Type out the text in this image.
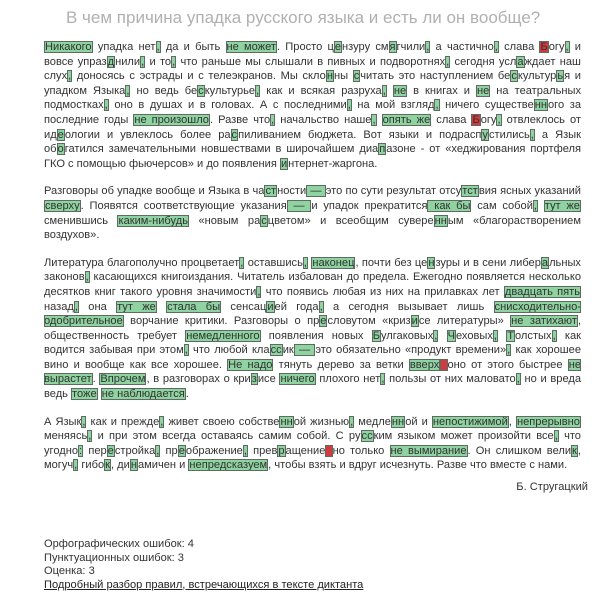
В чем причина упадка русского языка и есть ли он вообще?

Никакого упадка нет, да и быть не может. Просто цензуру смягчили, а частично, слава Богу, и вовсе упразднили, и то, что раньше мы слышали в пивных и подворотнях, сегодня услаждает наш слух, доносясь с эстрады и с телеэкранов. Мы склонны считать это наступлением бескультурья и упадком Языка, но ведь бескультурье, как и всякая разруха, не в книгах и не на театральных подмостках, оно в душах и в головах. А с последними, на мой взгляд, ничего существенного за последние годы не произошло. Разве что, начальство наше, опять же слава Богу, отвлеклось от идеологии и увлеклось более распиливанием бюджета. Вот языки и подраспустились, а Язык обогатился замечательными новшествами в широчайшем диапазоне - от «хеджирования портфеля ГКО с помощью фьючерсов» и до появления интернет-жаргона.

Разговоры об упадке вообще и Языка в частности — это по сути результат отсутствия ясных указаний сверху. Появятся соответствующие указания — и упадок прекратится как бы сам собой, тут же сменившись каким-нибудь «новым расцветом» и всеобщим суверенным «благорастворением воздухов».

Литература благополучно процветает, оставшись, наконец, почти без цензуры и в сени либеральных законов, касающихся книгоиздания. Читатель избалован до предела. Ежегодно появляется несколько десятков книг такого уровня значимости, что появись любая из них на прилавках лет двадцать пять назад, она тут же стала бы сенсацией года, а сегодня вызывает лишь снисходительно-одобрительное ворчание критики. Разговоры о пресловутом «кризисе литературы» не затихают, общественность требует немедленного появления новых Булгаковых, Чеховых, Толстых, как водится забывая при этом, что любой классик — это обязательно «продукт времени», как хорошее вино и вообще как все хорошее. Не надо тянуть дерево за ветки вверх оно от этого быстрее не вырастет. Впрочем, в разговорах о кризисе ничего плохого нет, пользы от них маловато, но и вреда ведь тоже не наблюдается.

А Язык, как и прежде, живет своею собственной жизнью, медленной и непостижимой, непрерывно меняясь, и при этом всегда оставаясь самим собой. С русским языком может произойти все, что угодно: перестройка, преображение, превращение но только не вымирание. Он слишком велик, могуч, гибок, динамичен и непредсказуем, чтобы взять и вдруг исчезнуть. Разве что вместе с нами.

Б. Стругацкий
Орфографических ошибок: 4
Пунктуационных ошибок: 3
Оценка: 3
Подробный разбор правил, встречающихся в тексте диктанта
